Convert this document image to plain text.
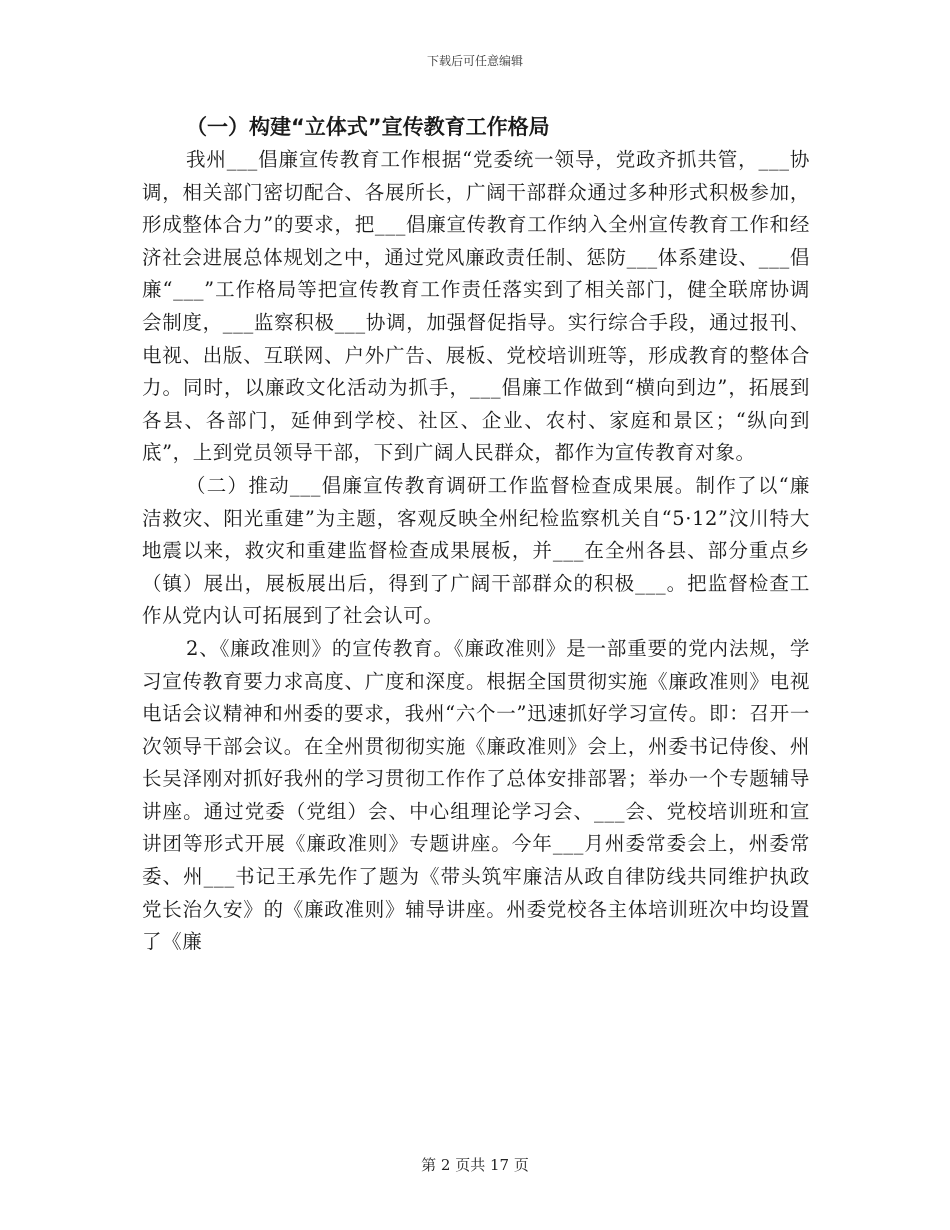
下载后可任意编辑
（一）构建“立体式”宣传教育工作格局

我州___倡廉宣传教育工作根据“党委统一领导，党政齐抓共管，___协调，相关部门密切配合、各展所长，广阔干部群众通过多种形式积极参加，形成整体合力”的要求，把___倡廉宣传教育工作纳入全州宣传教育工作和经济社会进展总体规划之中，通过党风廉政责任制、惩防___体系建设、___倡廉“___”工作格局等把宣传教育工作责任落实到了相关部门，健全联席协调会制度，___监察积极___协调，加强督促指导。实行综合手段，通过报刊、电视、出版、互联网、户外广告、展板、党校培训班等，形成教育的整体合力。同时，以廉政文化活动为抓手，___倡廉工作做到“横向到边”，拓展到各县、各部门，延伸到学校、社区、企业、农村、家庭和景区；“纵向到底”，上到党员领导干部，下到广阔人民群众，都作为宣传教育对象。

（二）推动___倡廉宣传教育调研工作监督检查成果展。制作了以“廉洁救灾、阳光重建”为主题，客观反映全州纪检监察机关自“5·12”汶川特大地震以来，救灾和重建监督检查成果展板，并___在全州各县、部分重点乡（镇）展出，展板展出后，得到了广阔干部群众的积极___。把监督检查工作从党内认可拓展到了社会认可。

2、《廉政准则》的宣传教育。《廉政准则》是一部重要的党内法规，学习宣传教育要力求高度、广度和深度。根据全国贯彻实施《廉政准则》电视电话会议精神和州委的要求，我州“六个一”迅速抓好学习宣传。即：召开一次领导干部会议。在全州贯彻彻实施《廉政准则》会上，州委书记侍俊、州长吴泽刚对抓好我州的学习贯彻工作作了总体安排部署；举办一个专题辅导讲座。通过党委（党组）会、中心组理论学习会、___会、党校培训班和宣讲团等形式开展《廉政准则》专题讲座。今年___月州委常委会上，州委常委、州___书记王承先作了题为《带头筑牢廉洁从政自律防线共同维护执政党长治久安》的《廉政准则》辅导讲座。州委党校各主体培训班次中均设置了《廉

第 2 页共 17 页
